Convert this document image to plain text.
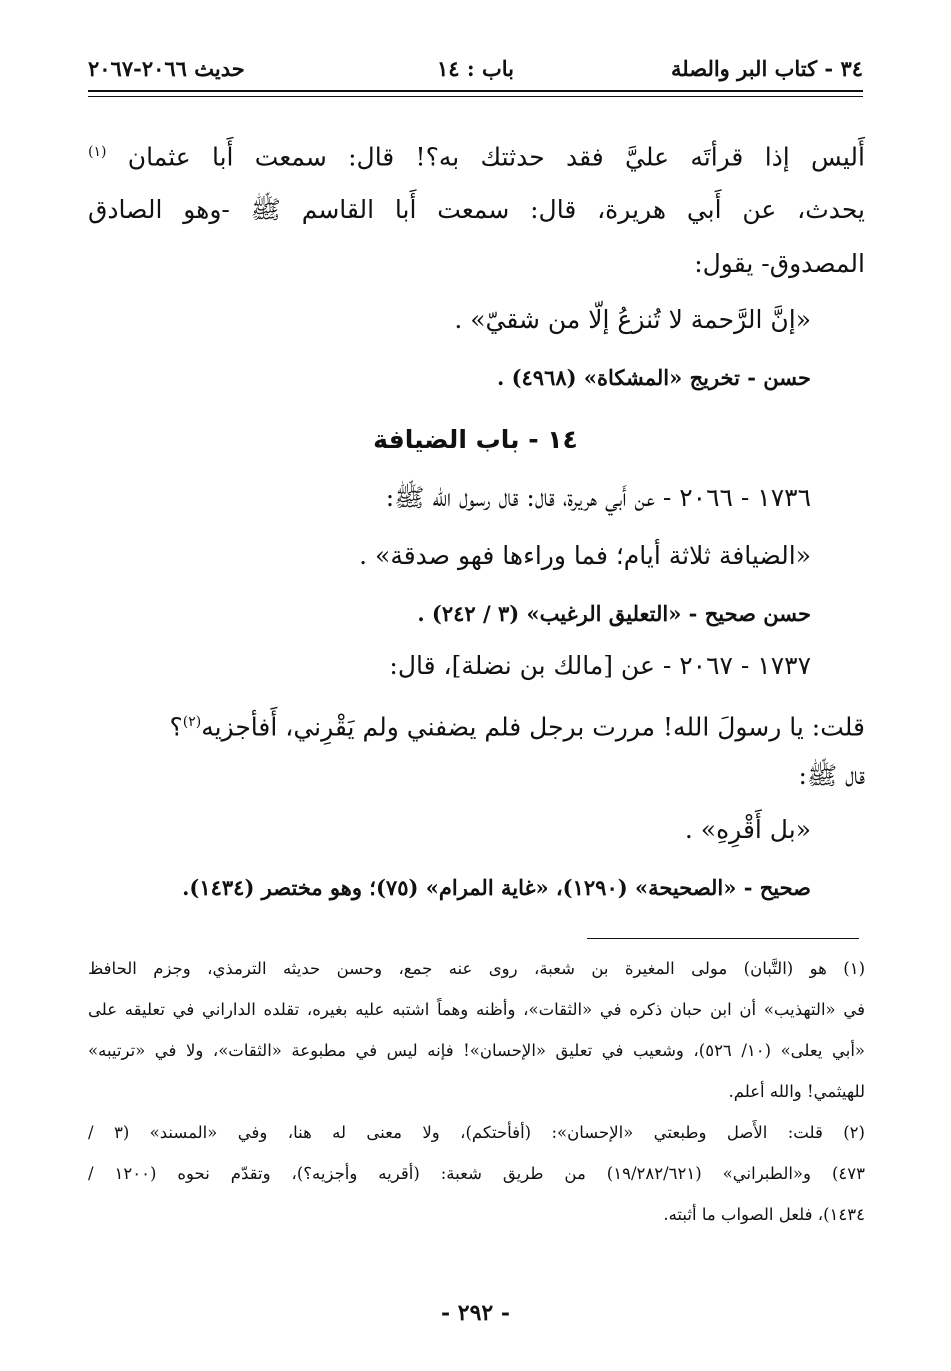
٣٤ - كتاب البر والصلة
باب : ١٤
حديث ٢٠٦٦-٢٠٦٧
أَليس إذا قرأتَه عليَّ فقد حدثتك به؟! قال: سمعت أَبا عثمان $^{(١)}$
يحدث، عن أَبي هريرة، قال: سمعت أَبا القاسم ﷺ -وهو الصادق
المصدوق- يقول:
«إنَّ الرَّحمة لا تُنزعُ إلّا من شقيّ» .
حسن - تخريج «المشكاة» (٤٩٦٨) .
١٤ - باب الضيافة
١٧٣٦ - ٢٠٦٦ - عن أَبي هريرة، قال: قال رسول الله ﷺ:
«الضيافة ثلاثة أيام؛ فما وراءها فهو صدقة» .
حسن صحيح - «التعليق الرغيب» (٣ / ٢٤٢) .
١٧٣٧ - ٢٠٦٧ - عن [مالك بن نضلة]، قال:
قلت: يا رسولَ الله! مررت برجل فلم يضفني ولم يَقْرِني، أَفأجزيه$^{(٢)}$؟
قال ﷺ:
«بل أَقْرِهِ» .
صحيح - «الصحيحة» (١٢٩٠)، «غاية المرام» (٧٥)؛ وهو مختصر (١٤٣٤).
(١) هو (التَّبان) مولى المغيرة بن شعبة، روى عنه جمع، وحسن حديثه الترمذي، وجزم الحافظ
في «التهذيب» أن ابن حبان ذكره في «الثقات»، وأظنه وهماً اشتبه عليه بغيره، تقلده الداراني في تعليقه على
«أبي يعلى» (١٠/ ٥٢٦)، وشعيب في تعليق «الإحسان»! فإنه ليس في مطبوعة «الثقات»، ولا في «ترتيبه»
للهيثمي! والله أعلم.
(٢) قلت: الأَصل وطبعتي «الإحسان»: (أفأحتكم)، ولا معنى له هنا، وفي «المسند» (٣ /
٤٧٣) و«الطبراني» (١٩/٢٨٢/٦٢١) من طريق شعبة: (أقريه وأجزيه؟)، وتقدّم نحوه (١٢٠٠ /
١٤٣٤)، فلعل الصواب ما أثبته.
- ٢٩٢ -
